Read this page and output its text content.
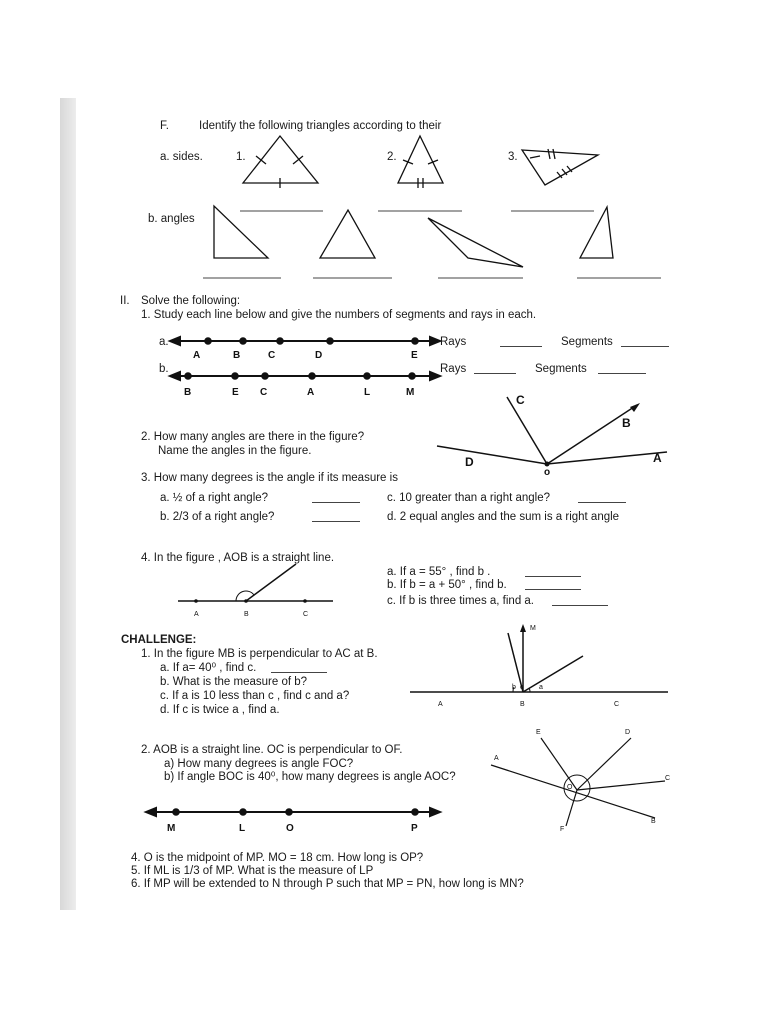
F.	Identify the following triangles according to their
a. sides.	1.	2.	3.
b. angles
II. Solve the following:
1. Study each line below and give the numbers of segments and rays in each.
a.
b.
A	B	C	D	E
B	E C	A	L	M
Rays	Segments
Rays	Segments
2. How many angles are there in the figure?
Name the angles in the figure.
C
B
D	A
o
3. How many degrees is the angle if its measure is
a. ½ of a right angle?	c. 10 greater than a right angle?
b. 2/3 of a right angle?	d. 2 equal angles and the sum is a right angle
4. In the figure , AOB is a straight line.
A	B	C
a. If a = 55° , find b .
b. If b = a + 50° , find b.
c. If b is three times a, find a.
CHALLENGE:
1. In the figure MB is perpendicular to AC at B.
a. If a= 40⁰ , find c.
b. What is the measure of b?
c. If a is 10 less than c , find c and a?
d. If c is twice a , find a.
M
A	B	C
b c a
2. AOB is a straight line. OC is perpendicular to OF.
a) How many degrees is angle FOC?
b) If angle BOC is 40⁰, how many degrees is angle AOC?
E	D
A
C
O
B
F
M	L	O	P
4. O is the midpoint of MP. MO = 18 cm. How long is OP?
5. If ML is 1/3 of MP. What is the measure of LP
6. If MP will be extended to N through P such that MP = PN, how long is MN?
